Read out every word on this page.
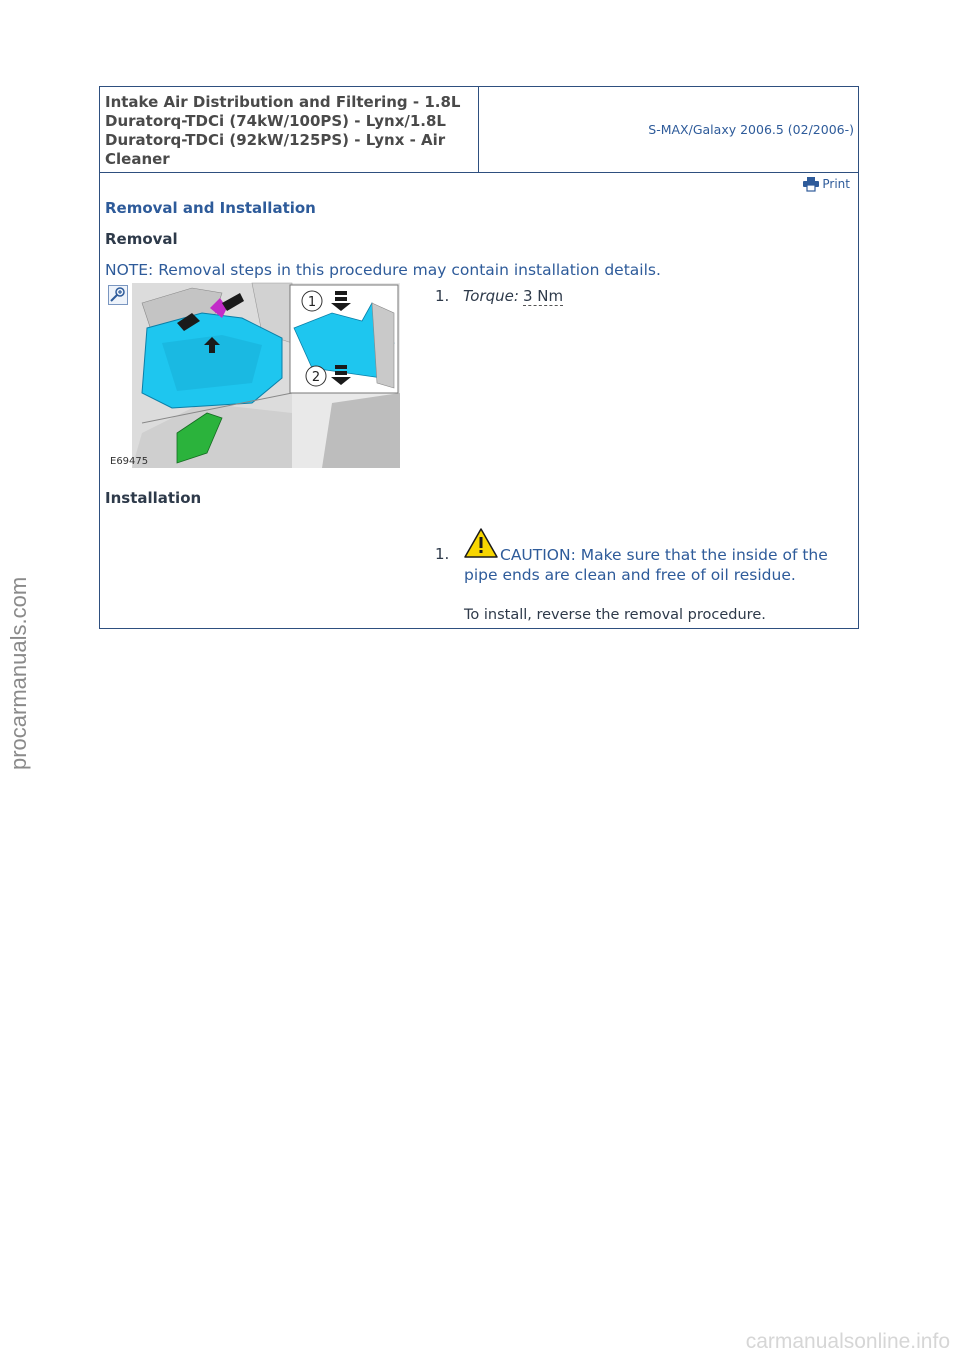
Intake Air Distribution and Filtering - 1.8L Duratorq-TDCi (74kW/100PS) - Lynx/1.8L Duratorq-TDCi (92kW/125PS) - Lynx - Air Cleaner
S-MAX/Galaxy 2006.5 (02/2006-)
Print
Removal and Installation
Removal
NOTE: Removal steps in this procedure may contain installation details.
1
2
E69475
1. Torque: 3 Nm
Installation
1.	CAUTION: Make sure that the inside of the pipe ends are clean and free of oil residue.
To install, reverse the removal procedure.
procarmanuals.com
carmanualsonline.info
